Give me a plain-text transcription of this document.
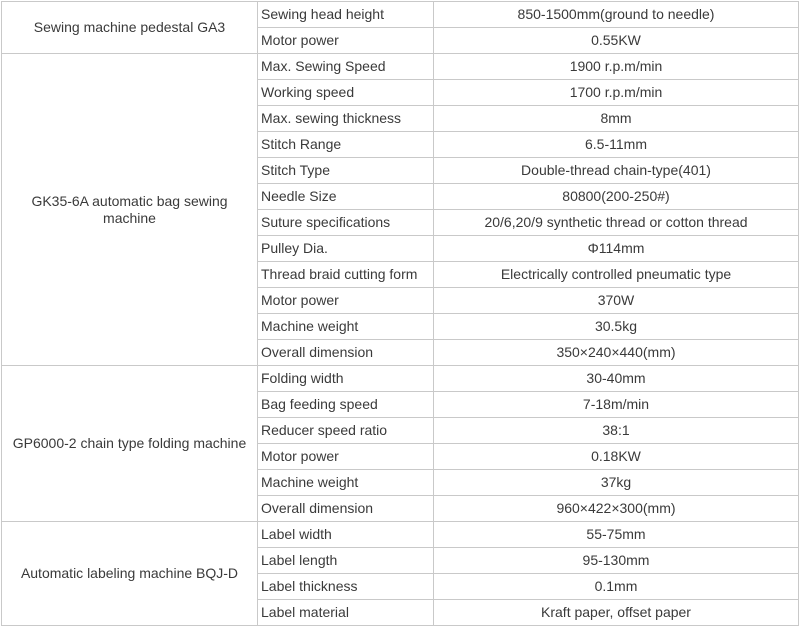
Sewing machine pedestal GA3	Sewing head height	850-1500mm(ground to needle)
	Motor power	0.55KW
GK35-6A automatic bag sewing machine	Max. Sewing Speed	1900 r.p.m/min
	Working speed	1700 r.p.m/min
	Max. sewing thickness	8mm
	Stitch Range	6.5-11mm
	Stitch Type	Double-thread chain-type(401)
	Needle Size	80800(200-250#)
	Suture specifications	20/6,20/9 synthetic thread or cotton thread
	Pulley Dia.	Φ114mm
	Thread braid cutting form	Electrically controlled pneumatic type
	Motor power	370W
	Machine weight	30.5kg
	Overall dimension	350×240×440(mm)
GP6000-2 chain type folding machine	Folding width	30-40mm
	Bag feeding speed	7-18m/min
	Reducer speed ratio	38:1
	Motor power	0.18KW
	Machine weight	37kg
	Overall dimension	960×422×300(mm)
Automatic labeling machine BQJ-D	Label width	55-75mm
	Label length	95-130mm
	Label thickness	0.1mm
	Label material	Kraft paper, offset paper
